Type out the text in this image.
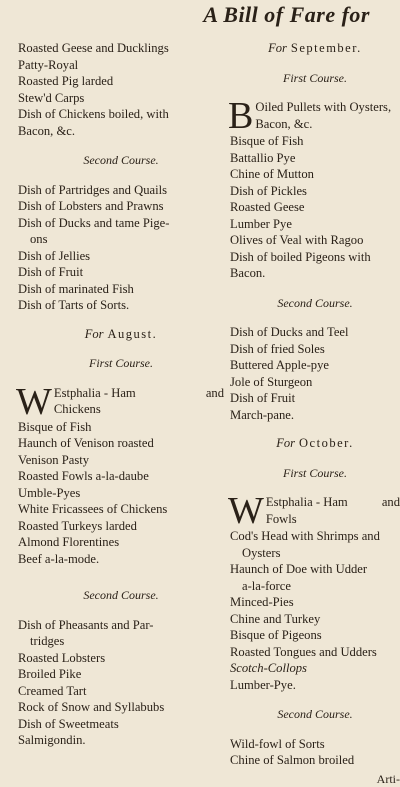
A Bill of Fare for
Roasted Geese and Ducklings
Patty-Royal
Roasted Pig larded
Stew'd Carps
Dish of Chickens boiled, with
Bacon, &c.
Second Course.
Dish of Partridges and Quails
Dish of Lobsters and Prawns
Dish of Ducks and tame Pige-
ons
Dish of Jellies
Dish of Fruit
Dish of marinated Fish
Dish of Tarts of Sorts.
For August.
First Course.
W Estphalia - Ham	and
Chickens
Bisque of Fish
Haunch of Venison roasted
Venison Pasty
Roasted Fowls a-la-daube
Umble-Pyes
White Fricassees of Chickens
Roasted Turkeys larded
Almond Florentines
Beef a-la-mode.
Second Course.
Dish of Pheasants and Par-
tridges
Roasted Lobsters
Broiled Pike
Creamed Tart
Rock of Snow and Syllabubs
Dish of Sweetmeats
Salmigondin.
For September.
First Course.
B Oiled Pullets with Oysters,
Bacon, &c.
Bisque of Fish
Battallio Pye
Chine of Mutton
Dish of Pickles
Roasted Geese
Lumber Pye
Olives of Veal with Ragoo
Dish of boiled Pigeons with
Bacon.
Second Course.
Dish of Ducks and Teel
Dish of fried Soles
Buttered Apple-pye
Jole of Sturgeon
Dish of Fruit
March-pane.
For October.
First Course.
W Estphalia - Ham	and
Fowls
Cod's Head with Shrimps and
Oysters
Haunch of Doe with Udder
a-la-force
Minced-Pies
Chine and Turkey
Bisque of Pigeons
Roasted Tongues and Udders
Scotch-Collops
Lumber-Pye.
Second Course.
Wild-fowl of Sorts
Chine of Salmon broiled
Arti-
